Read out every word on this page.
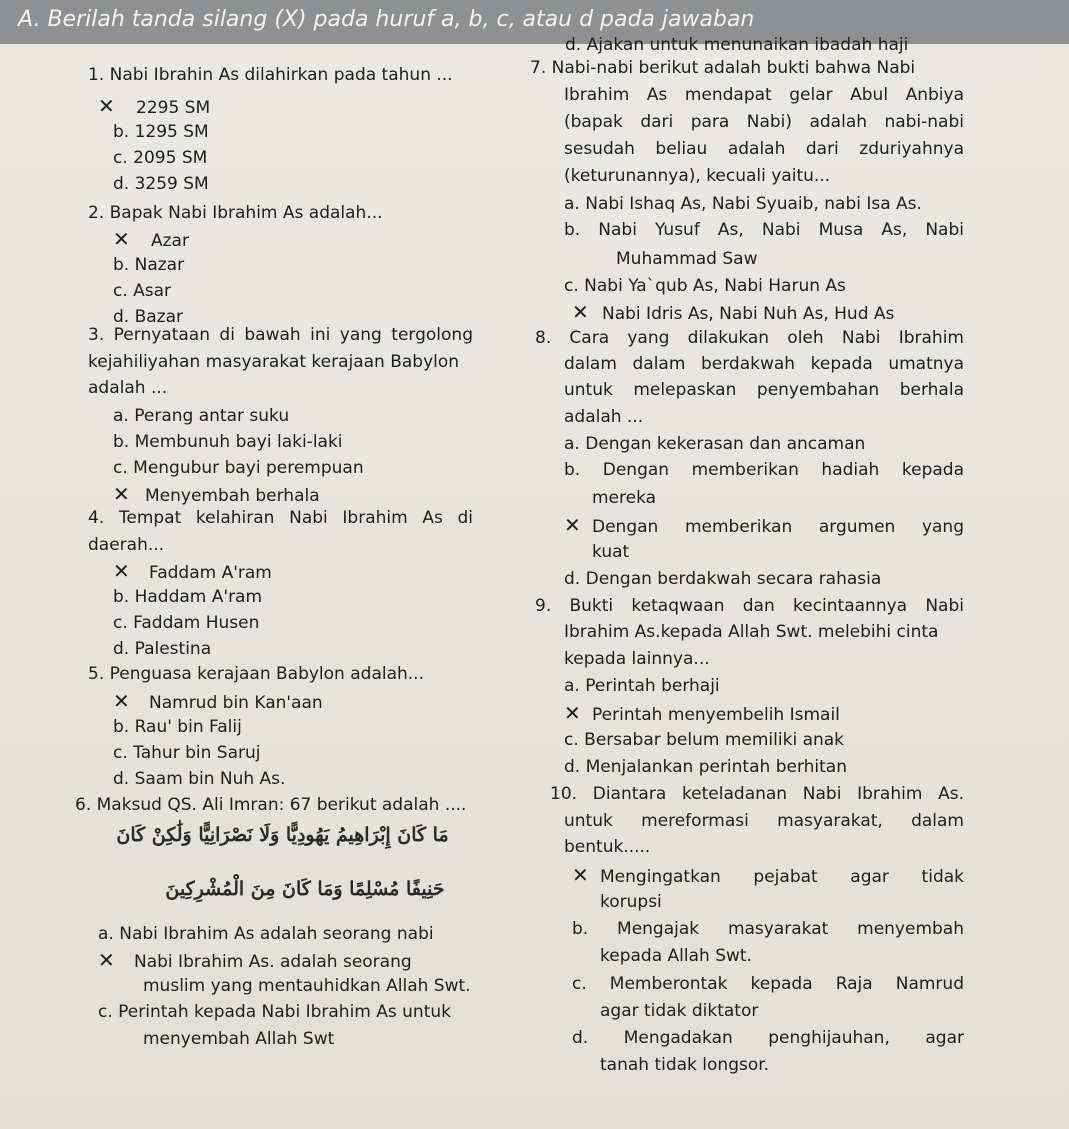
A. Berilah tanda silang (X) pada huruf a, b, c, atau d pada jawaban
1. Nabi Ibrahin As dilahirkan pada tahun ...
✕ 2295 SM
b. 1295 SM
c. 2095 SM
d. 3259 SM
2. Bapak Nabi Ibrahim As adalah...
✕ Azar
b. Nazar
c. Asar
d. Bazar
3. Pernyataan di bawah ini yang tergolong
kejahiliyahan masyarakat kerajaan Babylon
adalah ...
a. Perang antar suku
b. Membunuh bayi laki-laki
c. Mengubur bayi perempuan
✕ Menyembah berhala
4. Tempat kelahiran Nabi Ibrahim As di
daerah...
✕ Faddam A'ram
b. Haddam A'ram
c. Faddam Husen
d. Palestina
5. Penguasa kerajaan Babylon adalah...
✕ Namrud bin Kan'aan
b. Rau' bin Falij
c. Tahur bin Saruj
d. Saam bin Nuh As.
6. Maksud QS. Ali Imran: 67 berikut adalah ....
مَا كَانَ إِبْرَاهِيمُ يَهُودِيًّا وَلَا نَصْرَانِيًّا وَلَٰكِنْ كَانَ
حَنِيفًا مُسْلِمًا وَمَا كَانَ مِنَ الْمُشْرِكِينَ
a. Nabi Ibrahim As adalah seorang nabi
✕ Nabi Ibrahim As. adalah seorang
muslim yang mentauhidkan Allah Swt.
c. Perintah kepada Nabi Ibrahim As untuk
menyembah Allah Swt
d. Ajakan untuk menunaikan ibadah haji
7. Nabi-nabi berikut adalah bukti bahwa Nabi
Ibrahim As mendapat gelar Abul Anbiya
(bapak dari para Nabi) adalah nabi-nabi
sesudah beliau adalah dari zduriyahnya
(keturunannya), kecuali yaitu...
a. Nabi Ishaq As, Nabi Syuaib, nabi Isa As.
b. Nabi Yusuf As, Nabi Musa As, Nabi
Muhammad Saw
c. Nabi Ya`qub As, Nabi Harun As
✕ Nabi Idris As, Nabi Nuh As, Hud As
8. Cara yang dilakukan oleh Nabi Ibrahim
dalam dalam berdakwah kepada umatnya
untuk melepaskan penyembahan berhala
adalah ...
a. Dengan kekerasan dan ancaman
b. Dengan memberikan hadiah kepada
mereka
✕ Dengan memberikan argumen yang
kuat
d. Dengan berdakwah secara rahasia
9. Bukti ketaqwaan dan kecintaannya Nabi
Ibrahim As.kepada Allah Swt. melebihi cinta
kepada lainnya...
a. Perintah berhaji
✕ Perintah menyembelih Ismail
c. Bersabar belum memiliki anak
d. Menjalankan perintah berhitan
10. Diantara keteladanan Nabi Ibrahim As.
untuk mereformasi masyarakat, dalam
bentuk.....
✕ Mengingatkan pejabat agar tidak
korupsi
b. Mengajak masyarakat menyembah
kepada Allah Swt.
c. Memberontak kepada Raja Namrud
agar tidak diktator
d. Mengadakan penghijauhan, agar
tanah tidak longsor.
